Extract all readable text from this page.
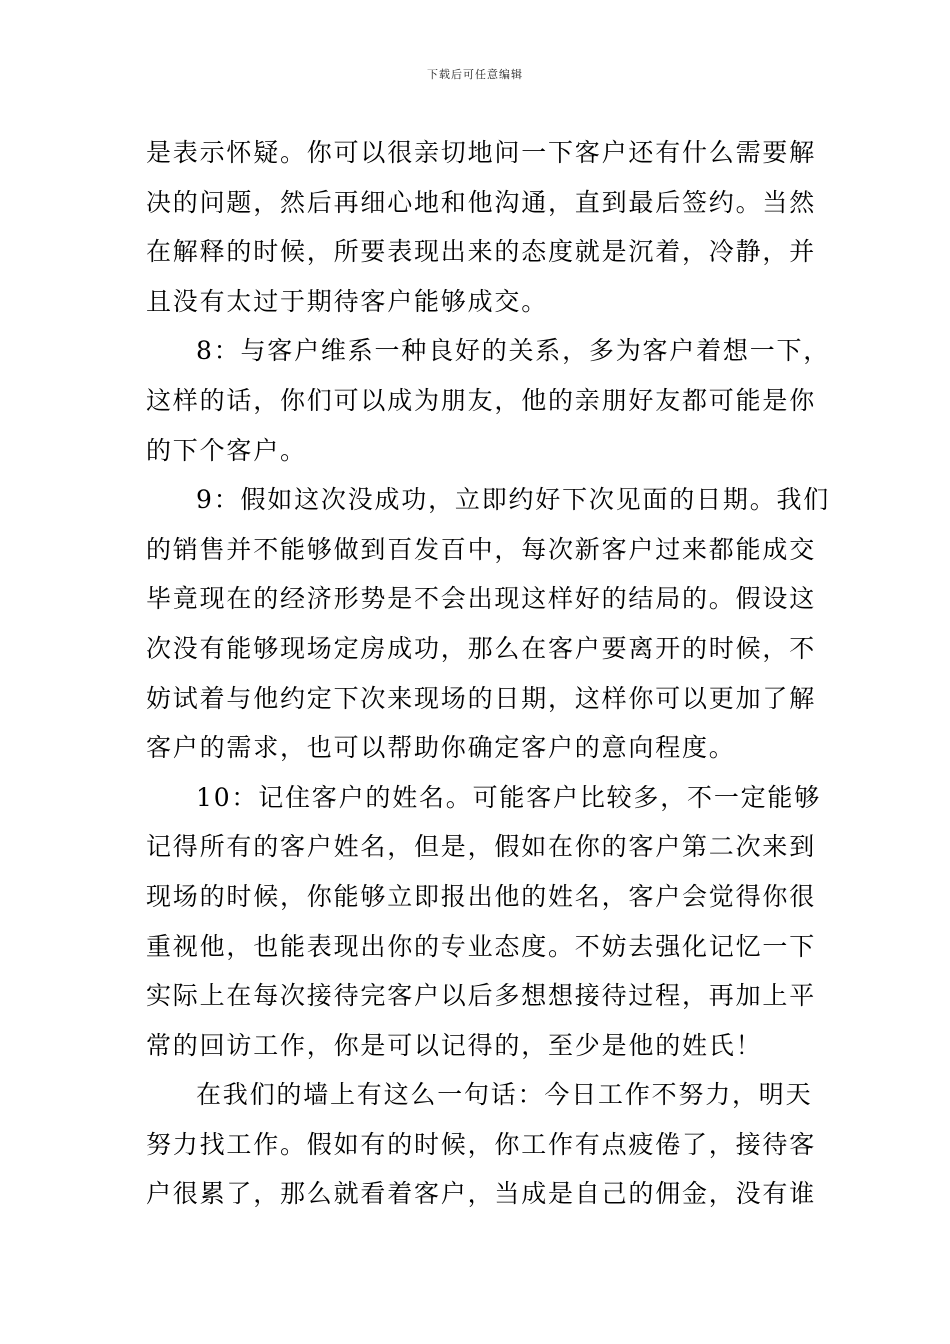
下载后可任意编辑
是表示怀疑。你可以很亲切地问一下客户还有什么需要解
决的问题，然后再细心地和他沟通，直到最后签约。当然
在解释的时候，所要表现出来的态度就是沉着，冷静，并
且没有太过于期待客户能够成交。
8：与客户维系一种良好的关系，多为客户着想一下，
这样的话，你们可以成为朋友，他的亲朋好友都可能是你
的下个客户。
9：假如这次没成功，立即约好下次见面的日期。我们
的销售并不能够做到百发百中，每次新客户过来都能成交
毕竟现在的经济形势是不会出现这样好的结局的。假设这
次没有能够现场定房成功，那么在客户要离开的时候，不
妨试着与他约定下次来现场的日期，这样你可以更加了解
客户的需求，也可以帮助你确定客户的意向程度。
10：记住客户的姓名。可能客户比较多，不一定能够
记得所有的客户姓名，但是，假如在你的客户第二次来到
现场的时候，你能够立即报出他的姓名，客户会觉得你很
重视他，也能表现出你的专业态度。不妨去强化记忆一下
实际上在每次接待完客户以后多想想接待过程，再加上平
常的回访工作，你是可以记得的，至少是他的姓氏！
在我们的墙上有这么一句话：今日工作不努力，明天
努力找工作。假如有的时候，你工作有点疲倦了，接待客
户很累了，那么就看着客户，当成是自己的佣金，没有谁
